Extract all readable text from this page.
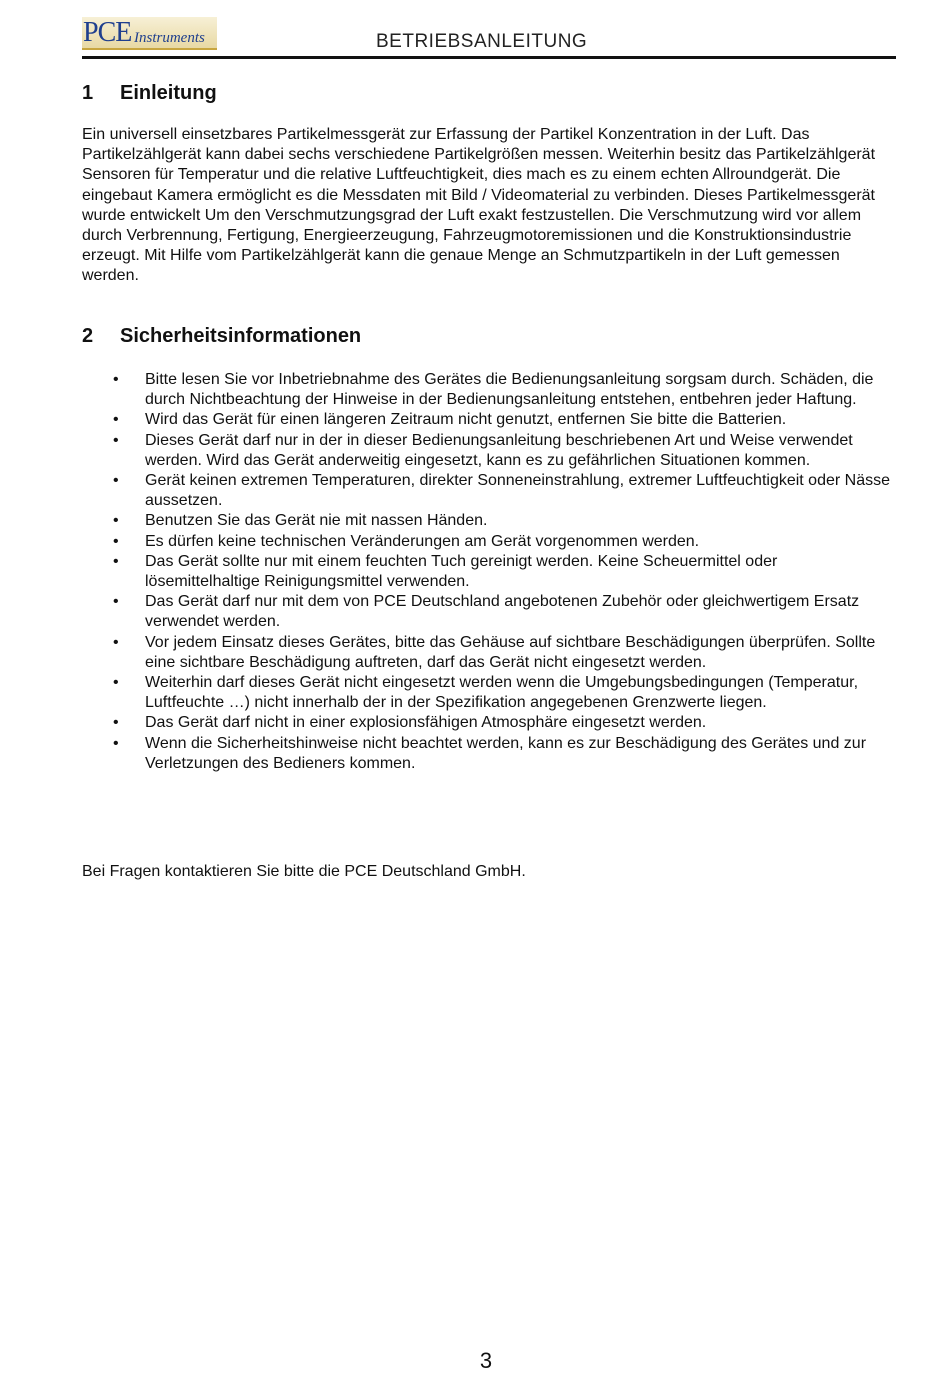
PCE Instruments	BETRIEBSANLEITUNG
1 Einleitung

Ein universell einsetzbares Partikelmessgerät zur Erfassung der Partikel Konzentration in der Luft. Das Partikelzählgerät kann dabei sechs verschiedene Partikelgrößen messen. Weiterhin besitz das Partikelzählgerät Sensoren für Temperatur und die relative Luftfeuchtigkeit, dies mach es zu einem echten Allroundgerät. Die eingebaut Kamera ermöglicht es die Messdaten mit Bild / Videomaterial zu verbinden. Dieses Partikelmessgerät wurde entwickelt Um den Verschmutzungsgrad der Luft exakt festzustellen. Die Verschmutzung wird vor allem durch Verbrennung, Fertigung, Energieerzeugung, Fahrzeugmotoremissionen und die Konstruktionsindustrie erzeugt. Mit Hilfe vom Partikelzählgerät kann die genaue Menge an Schmutzpartikeln in der Luft gemessen werden.

2 Sicherheitsinformationen
• Bitte lesen Sie vor Inbetriebnahme des Gerätes die Bedienungsanleitung sorgsam durch. Schäden, die durch Nichtbeachtung der Hinweise in der Bedienungsanleitung entstehen, entbehren jeder Haftung.
• Wird das Gerät für einen längeren Zeitraum nicht genutzt, entfernen Sie bitte die Batterien.
• Dieses Gerät darf nur in der in dieser Bedienungsanleitung beschriebenen Art und Weise verwendet werden. Wird das Gerät anderweitig eingesetzt, kann es zu gefährlichen Situationen kommen.
• Gerät keinen extremen Temperaturen, direkter Sonneneinstrahlung, extremer Luftfeuchtigkeit oder Nässe aussetzen.
• Benutzen Sie das Gerät nie mit nassen Händen.
• Es dürfen keine technischen Veränderungen am Gerät vorgenommen werden.
• Das Gerät sollte nur mit einem feuchten Tuch gereinigt werden. Keine Scheuermittel oder lösemittelhaltige Reinigungsmittel verwenden.
• Das Gerät darf nur mit dem von PCE Deutschland angebotenen Zubehör oder gleichwertigem Ersatz verwendet werden.
• Vor jedem Einsatz dieses Gerätes, bitte das Gehäuse auf sichtbare Beschädigungen überprüfen. Sollte eine sichtbare Beschädigung auftreten, darf das Gerät nicht eingesetzt werden.
• Weiterhin darf dieses Gerät nicht eingesetzt werden wenn die Umgebungsbedingungen (Temperatur, Luftfeuchte …) nicht innerhalb der in der Spezifikation angegebenen Grenzwerte liegen.
• Das Gerät darf nicht in einer explosionsfähigen Atmosphäre eingesetzt werden.
• Wenn die Sicherheitshinweise nicht beachtet werden, kann es zur Beschädigung des Gerätes und zur Verletzungen des Bedieners kommen.

Bei Fragen kontaktieren Sie bitte die PCE Deutschland GmbH.

3
